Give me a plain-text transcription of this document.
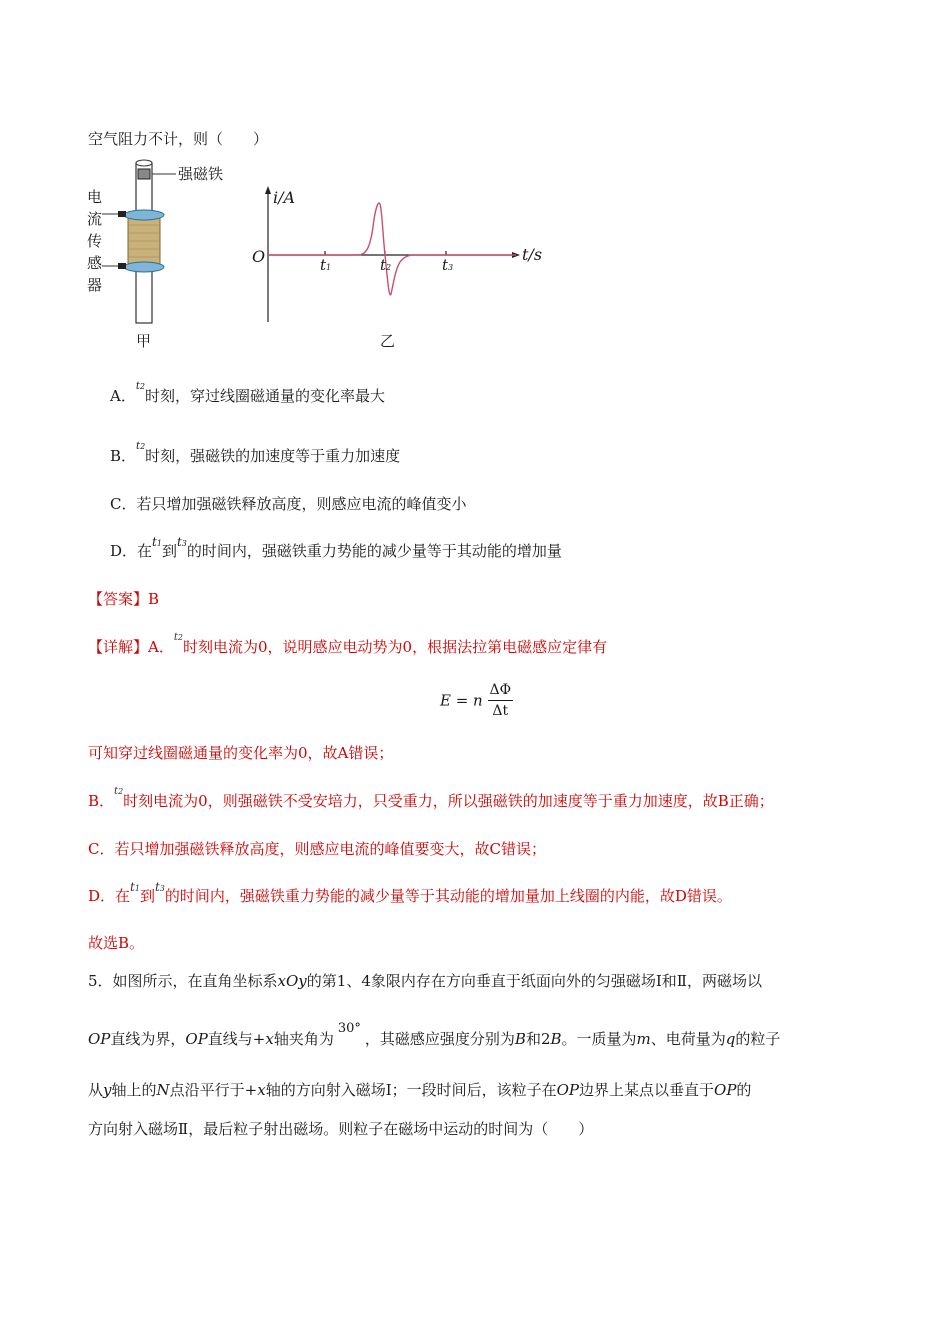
空气阻力不计，则（　　）
强磁铁
电
流
传
感
器
甲
i/A
O	t1	t2	t3
t/s
乙
A．$^{t2}$时刻，穿过线圈磁通量的变化率最大
B．$^{t2}$时刻，强磁铁的加速度等于重力加速度
C．若只增加强磁铁释放高度，则感应电流的峰值变小
D．在$^{t1}$到$^{t3}$的时间内，强磁铁重力势能的减少量等于其动能的增加量
【答案】B
【详解】A．$^{t2}$时刻电流为0，说明感应电动势为0，根据法拉第电磁感应定律有
E = n $\frac{\Delta\Phi}{\Delta t}$
可知穿过线圈磁通量的变化率为0，故A错误；
B．$^{t2}$时刻电流为0，则强磁铁不受安培力，只受重力，所以强磁铁的加速度等于重力加速度，故B正确；
C．若只增加强磁铁释放高度，则感应电流的峰值要变大，故C错误；
D．在$^{t1}$到$^{t3}$的时间内，强磁铁重力势能的减少量等于其动能的增加量加上线圈的内能，故D错误。
故选B。
5．如图所示，在直角坐标系xOy的第1、4象限内存在方向垂直于纸面向外的匀强磁场Ⅰ和Ⅱ，两磁场以
OP直线为界，OP直线与+x轴夹角为30°，其磁感应强度分别为B和2B。一质量为m、电荷量为q的粒子
从y轴上的N点沿平行于+x轴的方向射入磁场Ⅰ；一段时间后，该粒子在OP边界上某点以垂直于OP的
方向射入磁场Ⅱ，最后粒子射出磁场。则粒子在磁场中运动的时间为（　　）
